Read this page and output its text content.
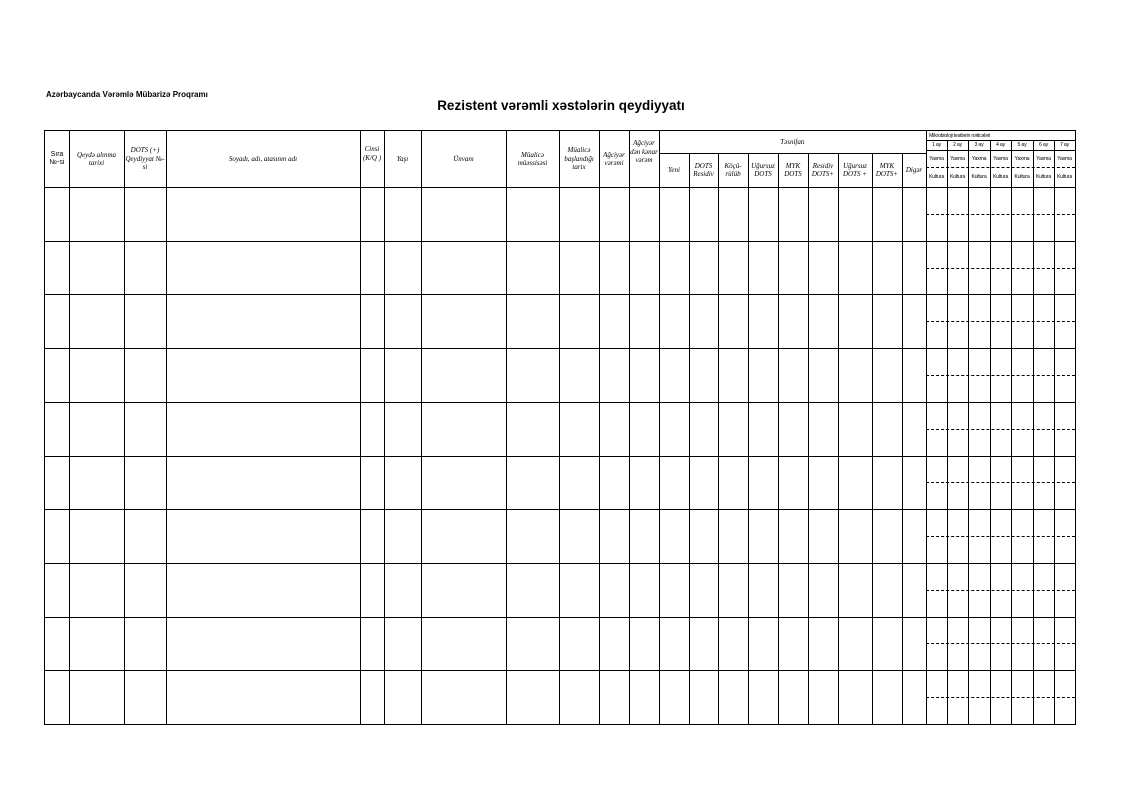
Azərbaycanda Vərəmlə Mübarizə Proqramı
Rezistent vərəmli xəstələrin qeydiyyatı
Sıra №-si
Qeydə alınma tarixi
DOTS (+) Qeydiyyat №-si
Soyadı, adı, atasının adı
Cinsi (K/Q )	Yaşı	Ünvanı
Müalicə müəssisəsi
Müalicə başlandığı tarix
Ağciyər vərəmi
Ağciyər dən kənar vərəm
Təsnifatı
Yeni
DOTS Residiv
Köçü-rülüb
Uğursuz DOTS
MYK DOTS
Residiv DOTS+
Uğursuz DOTS +
MYK DOTS+
Digər
Mikrobioloji testlərin nəticələri
1 ay
Yaxma
Kultura
2 ay
Yaxma
Kultura
3 ay
Yaxma
Kultura
4 ay
Yaxma
Kultura
5 ay
Yaxma
Kultura
6 ay
Yaxma
Kultura
7 ay
Yaxma
Kultura
